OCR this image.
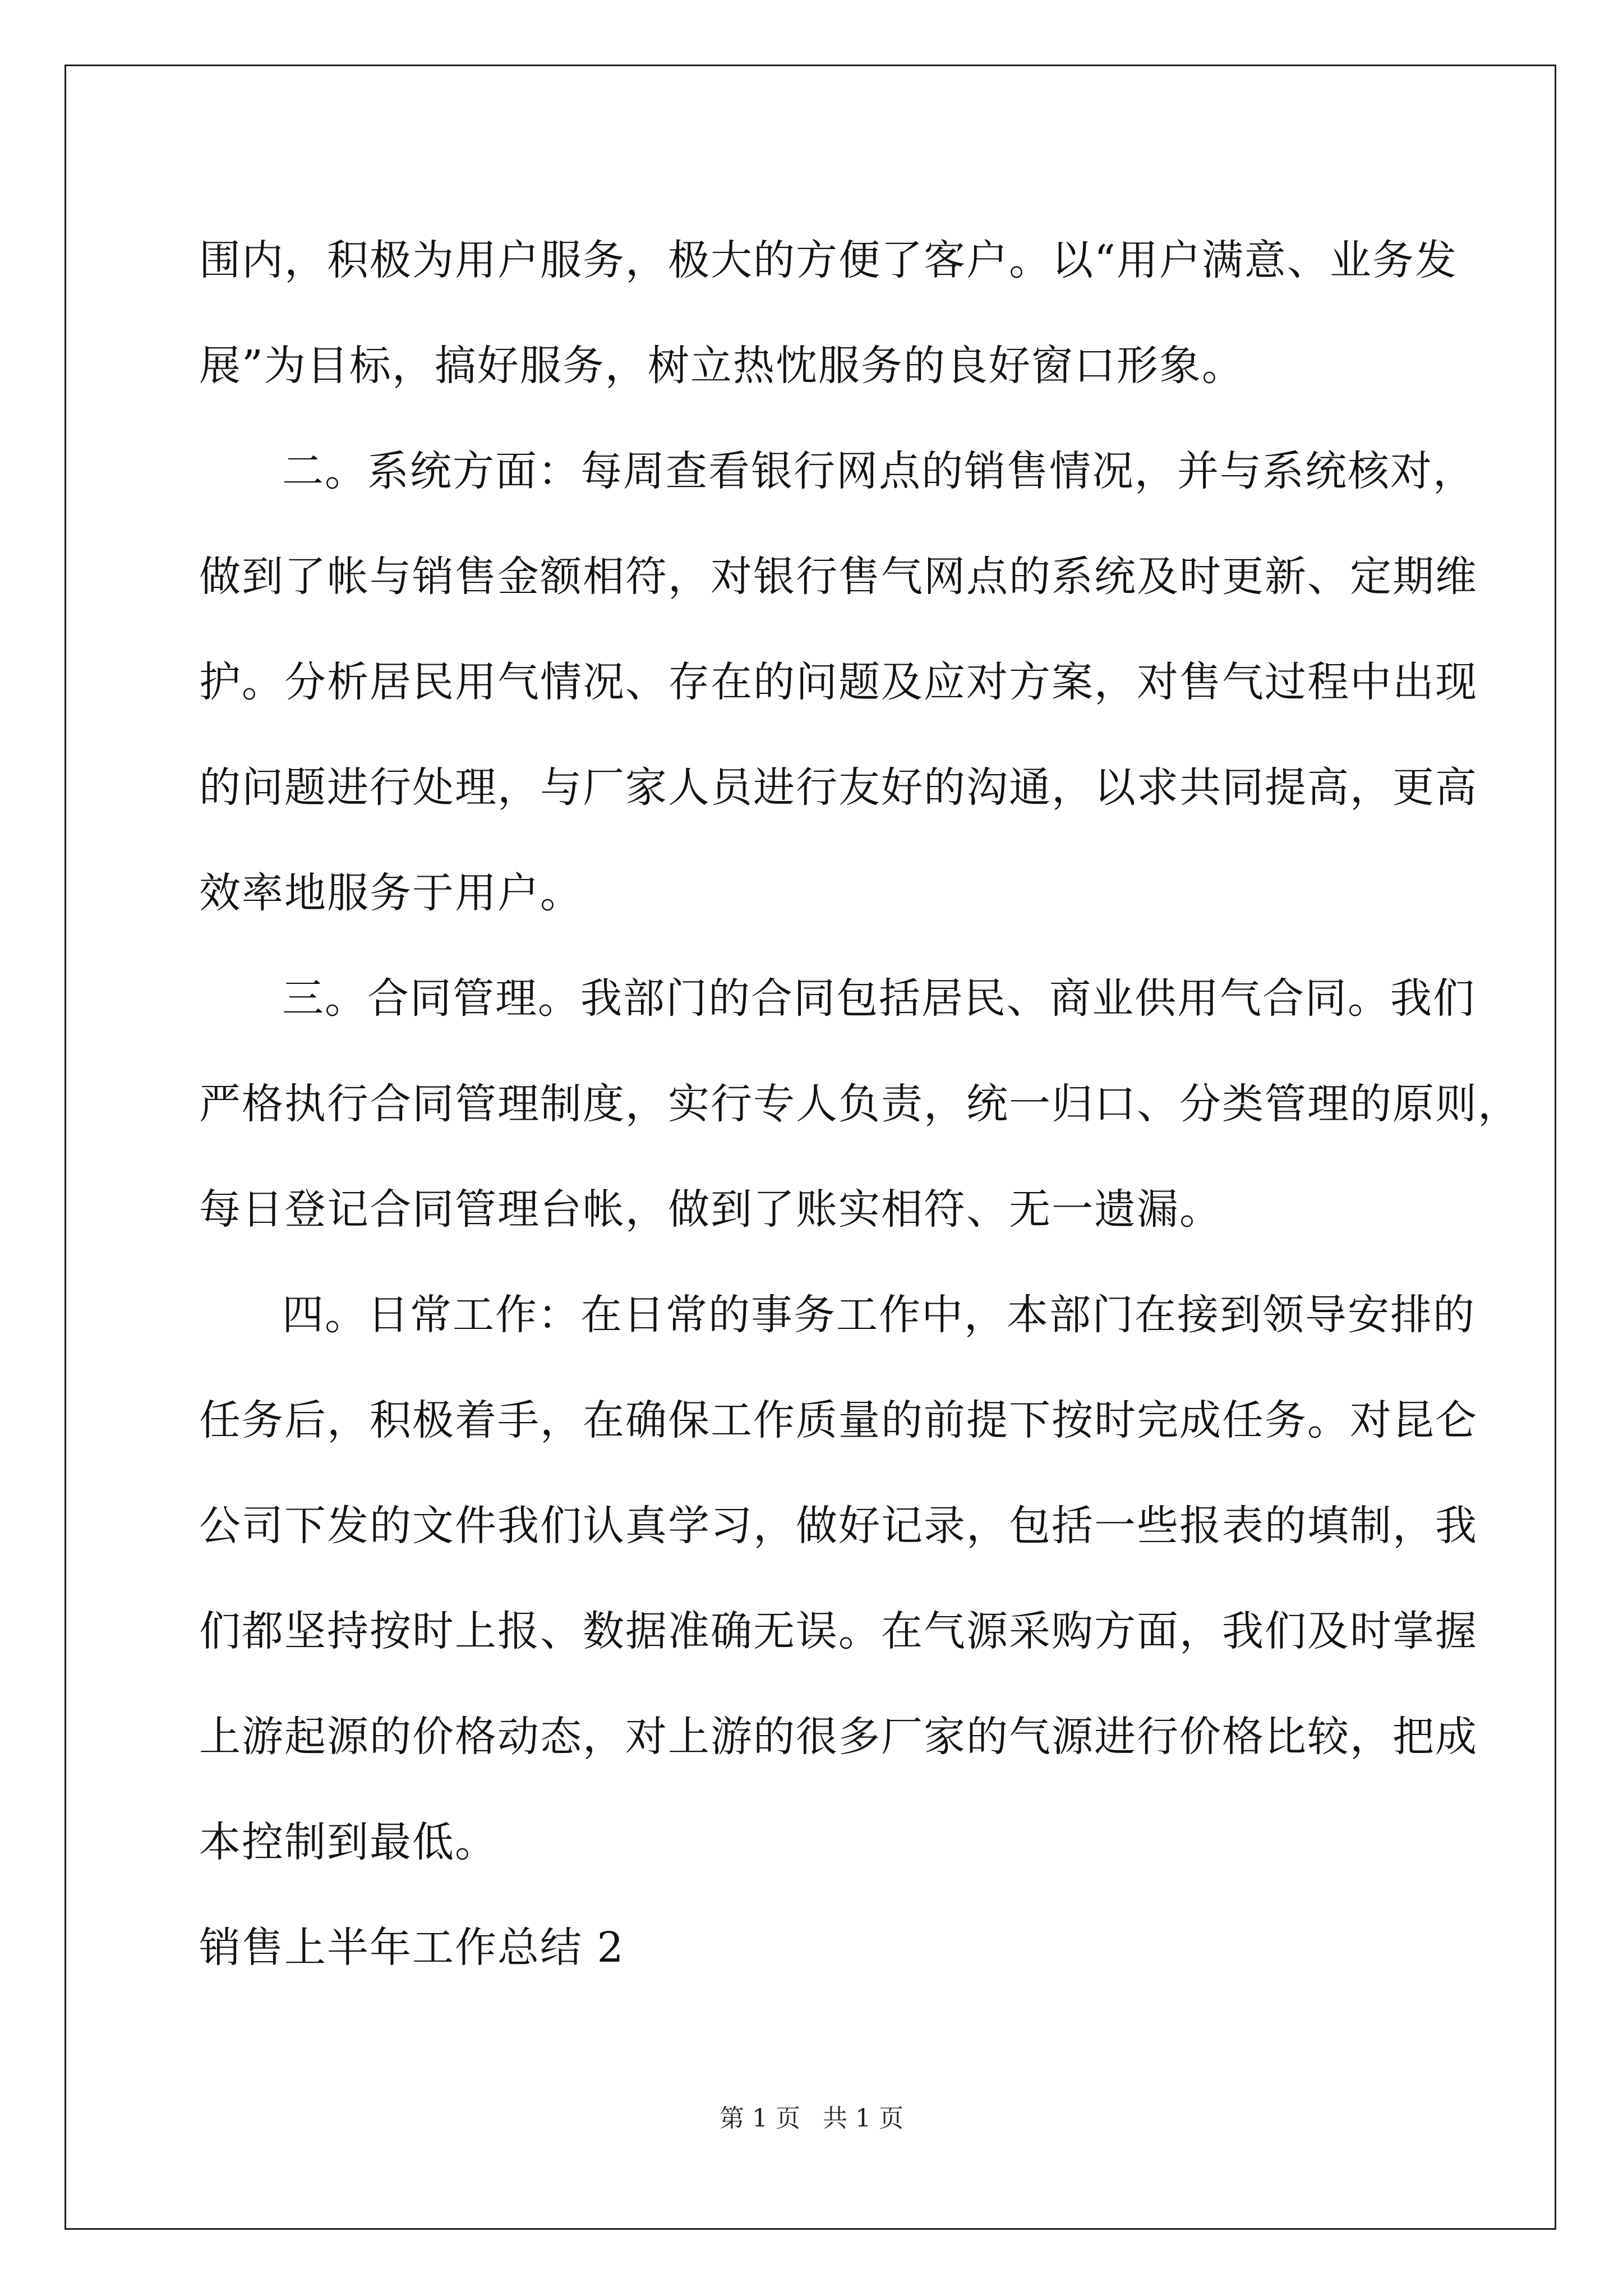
围内，积极为用户服务，极大的方便了客户。以“用户满意、业务发
展”为目标，搞好服务，树立热忱服务的良好窗口形象。
二。系统方面：每周查看银行网点的销售情况，并与系统核对，
做到了帐与销售金额相符，对银行售气网点的系统及时更新、定期维
护。分析居民用气情况、存在的问题及应对方案，对售气过程中出现
的问题进行处理，与厂家人员进行友好的沟通，以求共同提高，更高
效率地服务于用户。
三。合同管理。我部门的合同包括居民、商业供用气合同。我们
严格执行合同管理制度，实行专人负责，统一归口、分类管理的原则，
每日登记合同管理台帐，做到了账实相符、无一遗漏。
四。日常工作：在日常的事务工作中，本部门在接到领导安排的
任务后，积极着手，在确保工作质量的前提下按时完成任务。对昆仑
公司下发的文件我们认真学习，做好记录，包括一些报表的填制，我
们都坚持按时上报、数据准确无误。在气源采购方面，我们及时掌握
上游起源的价格动态，对上游的很多厂家的气源进行价格比较，把成
本控制到最低。
销售上半年工作总结 2
第 1 页 共 1 页
